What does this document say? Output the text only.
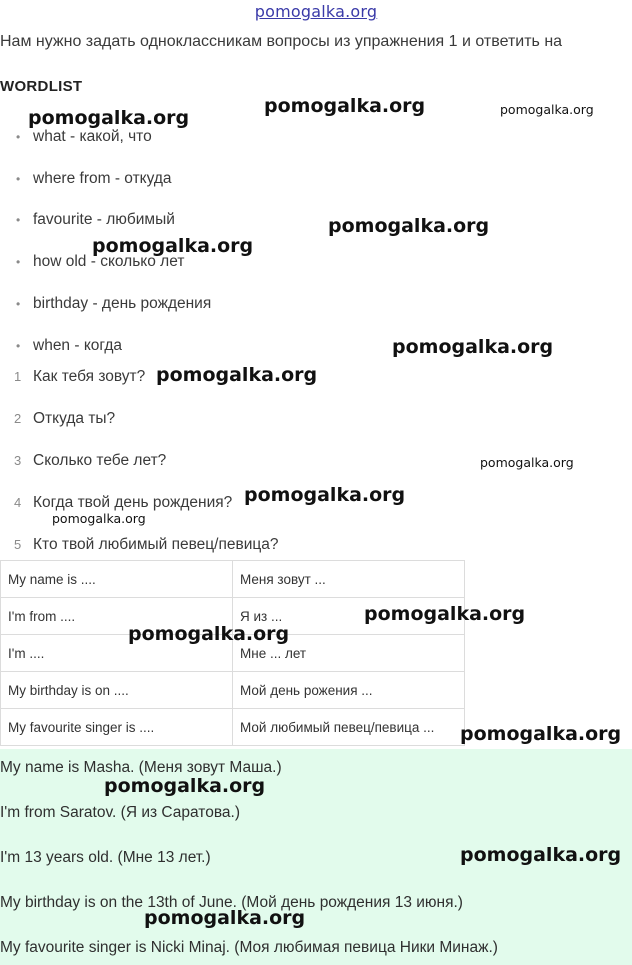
pomogalka.org
Нам нужно задать одноклассникам вопросы из упражнения 1 и ответить на
WORDLIST
• what - какой, что
• where from - откуда
• favourite - любимый
• how old - сколько лет
• birthday - день рождения
• when - когда
1 Как тебя зовут?
2 Откуда ты?
3 Сколько тебе лет?
4 Когда твой день рождения?
5 Кто твой любимый певец/певица?
My name is ....	Меня зовут ...
I'm from ....	Я из ...
I'm ....	Мне ... лет
My birthday is on ....	Мой день рожения ...
My favourite singer is ....	Мой любимый певец/певица ...
My name is Masha. (Меня зовут Маша.)
I'm from Saratov. (Я из Саратова.)
I'm 13 years old. (Мне 13 лет.)
My birthday is on the 13th of June. (Мой день рождения 13 июня.)
My favourite singer is Nicki Minaj. (Моя любимая певица Ники Минаж.)
pomogalka.org
pomogalka.org	pomogalka.org
pomogalka.org
pomogalka.org
pomogalka.org
pomogalka.org
pomogalka.org
pomogalka.org
pomogalka.org
pomogalka.org
pomogalka.org
pomogalka.org
pomogalka.org
pomogalka.org
pomogalka.org
